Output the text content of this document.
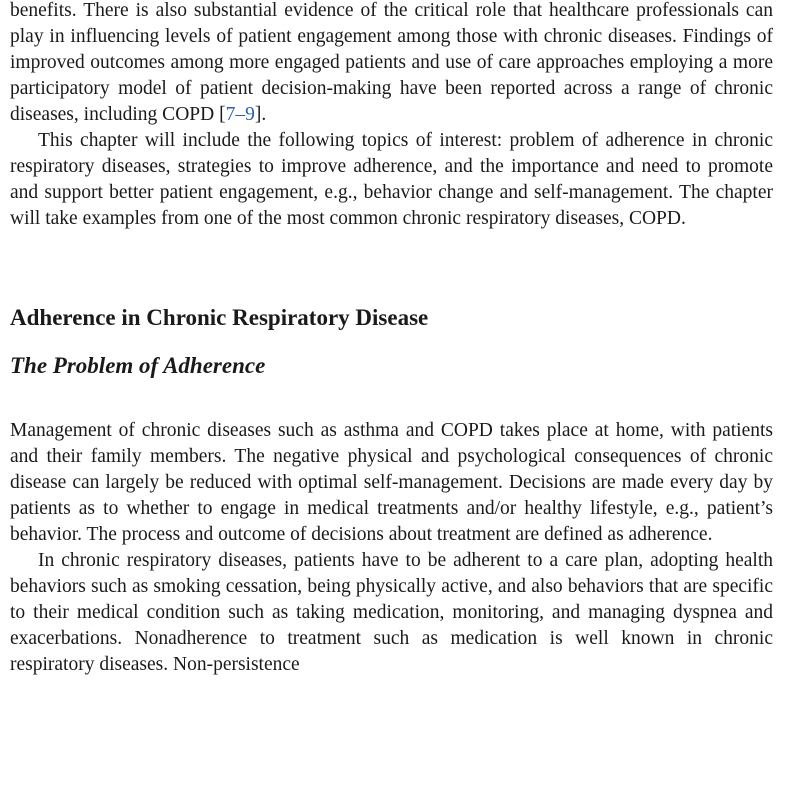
benefits. There is also substantial evidence of the critical role that healthcare professionals can play in influencing levels of patient engagement among those with chronic diseases. Findings of improved outcomes among more engaged patients and use of care approaches employing a more participatory model of patient decision-making have been reported across a range of chronic diseases, including COPD [7–9].

This chapter will include the following topics of interest: problem of adherence in chronic respiratory diseases, strategies to improve adherence, and the importance and need to promote and support better patient engagement, e.g., behavior change and self-management. The chapter will take examples from one of the most common chronic respiratory diseases, COPD.

Adherence in Chronic Respiratory Disease
The Problem of Adherence

Management of chronic diseases such as asthma and COPD takes place at home, with patients and their family members. The negative physical and psychological consequences of chronic disease can largely be reduced with optimal self-management. Decisions are made every day by patients as to whether to engage in medical treatments and/or healthy lifestyle, e.g., patient’s behavior. The process and outcome of decisions about treatment are defined as adherence.

In chronic respiratory diseases, patients have to be adherent to a care plan, adopting health behaviors such as smoking cessation, being physically active, and also behaviors that are specific to their medical condition such as taking medication, monitoring, and managing dyspnea and exacerbations. Nonadherence to treatment such as medication is well known in chronic respiratory diseases. Non-persistence
